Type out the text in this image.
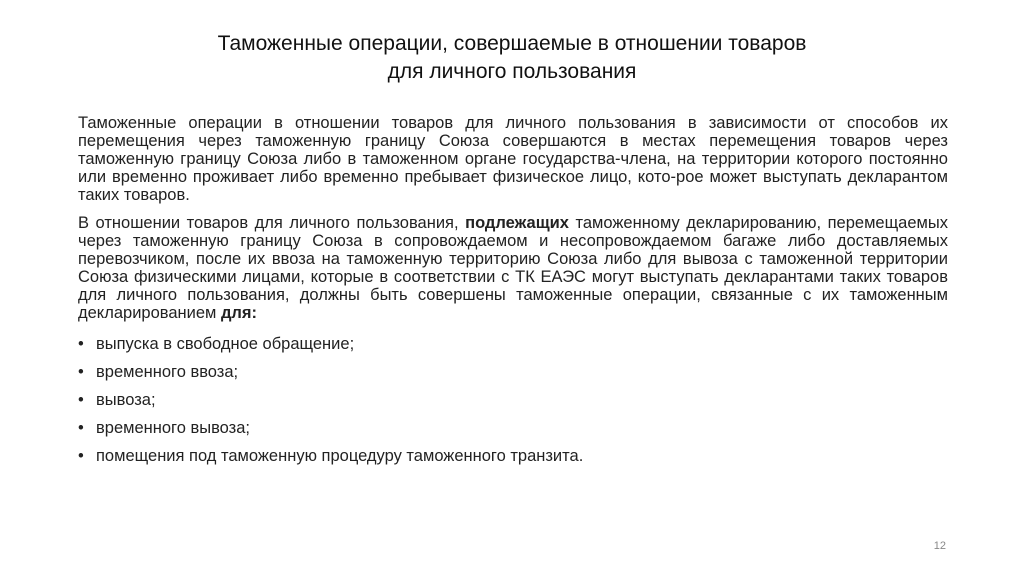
Таможенные операции, совершаемые в отношении товаров
для личного пользования

Таможенные операции в отношении товаров для личного пользования в зависимости от способов их перемещения через таможенную границу Союза совершаются в местах перемещения товаров через таможенную границу Союза либо в таможенном органе государства-члена, на территории которого постоянно или временно проживает либо временно пребывает физическое лицо, кото-рое может выступать декларантом таких товаров.

В отношении товаров для личного пользования, подлежащих таможенному декларированию, перемещаемых через таможенную границу Союза в сопровождаемом и несопровождаемом багаже либо доставляемых перевозчиком, после их ввоза на таможенную территорию Союза либо для вывоза с таможенной территории Союза физическими лицами, которые в соответствии с ТК ЕАЭС могут выступать декларантами таких товаров для личного пользования, должны быть совершены таможенные операции, связанные с их таможенным декларированием для:

• выпуска в свободное обращение;
• временного ввоза;
• вывоза;
• временного вывоза;
• помещения под таможенную процедуру таможенного транзита.
12
